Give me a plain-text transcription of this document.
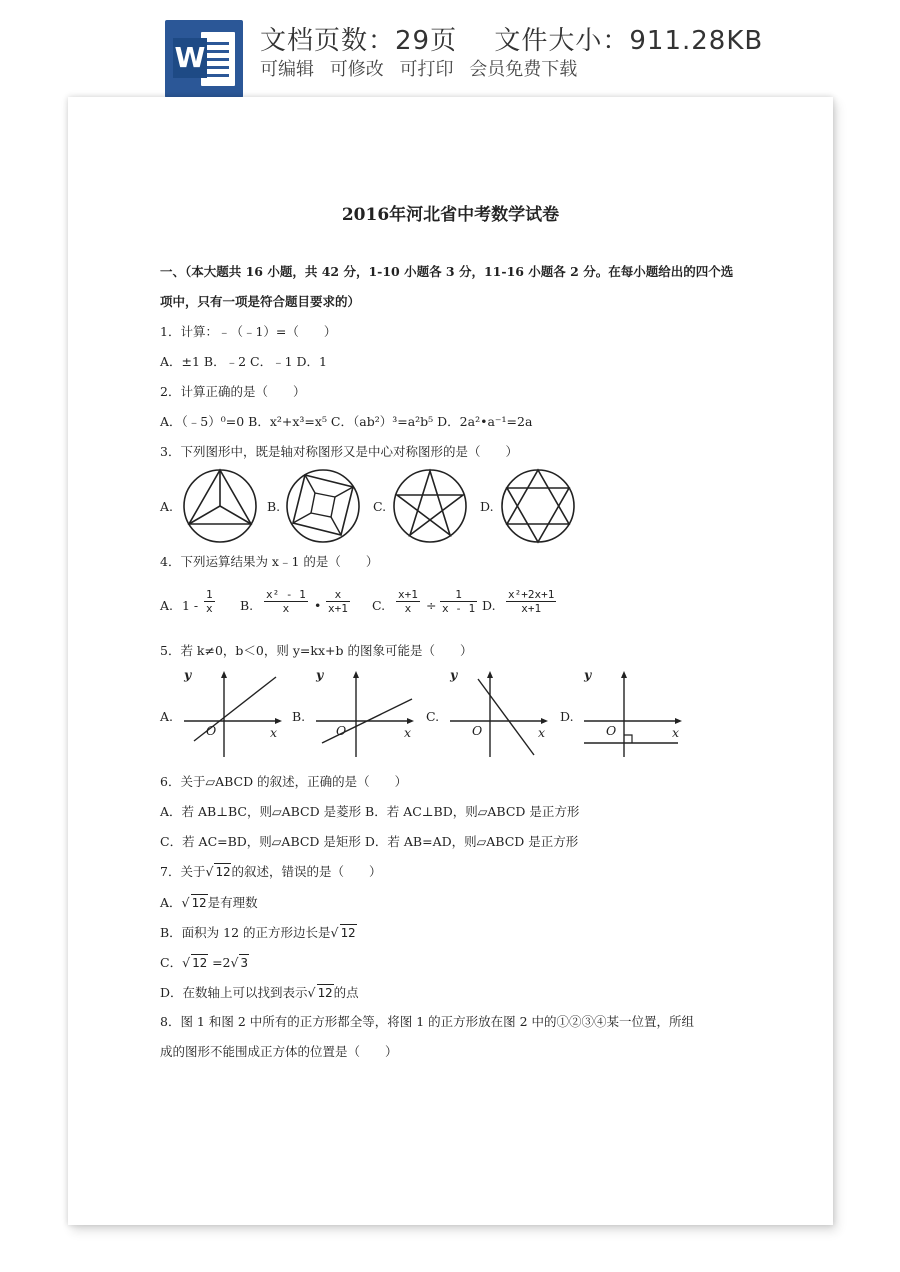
W 文档页数：29页 文件大小：911.28KB
可编辑 可修改 可打印 会员免费下载
2016年河北省中考数学试卷
一、（本大题共 16 小题，共 42 分，1-10 小题各 3 分，11-16 小题各 2 分。在每小题给出的四个选
项中，只有一项是符合题目要求的）
1．计算：﹣（﹣1）=（　　）
A．±1 B．﹣2 C．﹣1 D．1
2．计算正确的是（　　）
A．（﹣5）⁰=0 B．x²+x³=x⁵ C．（ab²）³=a²b⁵ D．2a²•a⁻¹=2a
3．下列图形中，既是轴对称图形又是中心对称图形的是（　　）
A.	B.	C.	D.
4．下列运算结果为 x﹣1 的是（　　）
A. $1 - \frac{1}{x} B$. $\frac{\text{x² - 1}}{x}$ • $\frac{x}{x+1} C$. $\frac{x+1}{x} \div \frac{1}{x - 1} D$. $\frac{\text{x²+2x+1}}{x+1}$
5．若 k≠0，b＜0，则 y=kx+b 的图象可能是（　　）
A.
y
O	x
B.
y
O	x
C.
y
O	x
D.
y
O	x
6．关于▱ABCD 的叙述，正确的是（　　）
A．若 AB⊥BC，则▱ABCD 是菱形 B．若 AC⊥BD，则▱ABCD 是正方形
C．若 AC=BD，则▱ABCD 是矩形 D．若 AB=AD，则▱ABCD 是正方形
7．关于√ 12的叙述，错误的是（　　）
A．√ 12是有理数
B．面积为 12 的正方形边长是√ 12
C．√ 12 =2√ 3
D．在数轴上可以找到表示√ 12的点
8．图 1 和图 2 中所有的正方形都全等，将图 1 的正方形放在图 2 中的①②③④某一位置，所组
成的图形不能围成正方体的位置是（　　）
